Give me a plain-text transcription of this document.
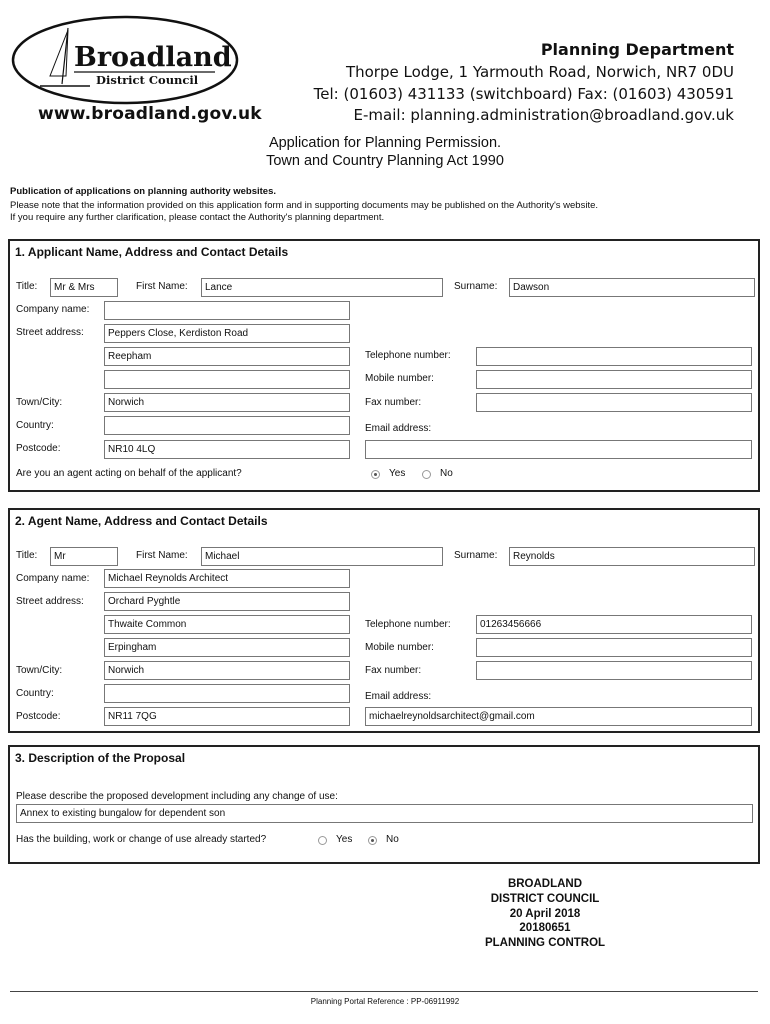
Broadland
District Council
www.broadland.gov.uk
Planning Department
Thorpe Lodge, 1 Yarmouth Road, Norwich, NR7 0DU
Tel: (01603) 431133 (switchboard) Fax: (01603) 430591
E-mail: planning.administration@broadland.gov.uk
Application for Planning Permission.
Town and Country Planning Act 1990
Publication of applications on planning authority websites.
Please note that the information provided on this application form and in supporting documents may be published on the Authority's website.
If you require any further clarification, please contact the Authority's planning department.
1. Applicant Name, Address and Contact Details
Title:	Mr & Mrs	First Name:	Lance	Surname:	Dawson
Company name:
Street address:	Peppers Close, Kerdiston Road
Reepham
Town/City:	Norwich
Country:
Postcode:	NR10 4LQ
Telephone number:
Mobile number:
Fax number:
Email address:
Are you an agent acting on behalf of the applicant?	Yes	No
2. Agent Name, Address and Contact Details
Title:	Mr	First Name:	Michael	Surname:	Reynolds
Company name:	Michael Reynolds Architect
Street address:	Orchard Pyghtle
Thwaite Common
Erpingham
Town/City:	Norwich
Country:
Postcode:	NR11 7QG
Telephone number:	01263456666
Mobile number:
Fax number:
Email address:
michaelreynoldsarchitect@gmail.com
3. Description of the Proposal
Please describe the proposed development including any change of use:
Annex to existing bungalow for dependent son
Has the building, work or change of use already started?	Yes	No
BROADLAND
DISTRICT COUNCIL
20 April 2018
20180651
PLANNING CONTROL
Planning Portal Reference : PP-06911992
